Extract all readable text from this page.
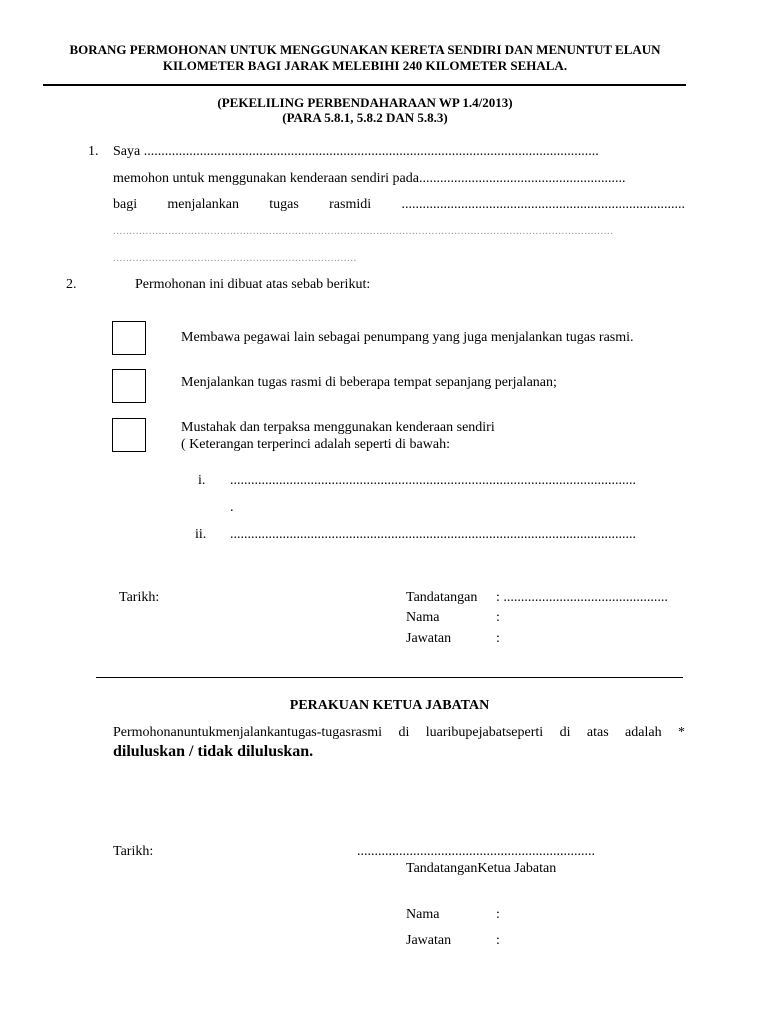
BORANG PERMOHONAN UNTUK MENGGUNAKAN KERETA SENDIRI DAN MENUNTUT ELAUN
KILOMETER BAGI JARAK MELEBIHI 240 KILOMETER SEHALA.
(PEKELILING PERBENDAHARAAN WP 1.4/2013)
(PARA 5.8.1, 5.8.2 DAN 5.8.3)
1. Saya ..................................................................................................................................
memohon untuk menggunakan kenderaan sendiri pada...........................................................
bagi menjalankan tugas rasmidi .................................................................................
..........................................................................................................................................................
...........................................................................
2.	Permohonan ini dibuat atas sebab berikut:
Membawa pegawai lain sebagai penumpang yang juga menjalankan tugas rasmi.
Menjalankan tugas rasmi di beberapa tempat sepanjang perjalanan;
Mustahak dan terpaksa menggunakan kenderaan sendiri
( Keterangan terperinci adalah seperti di bawah:
i. ....................................................................................................................
.
ii. ....................................................................................................................
Tarikh:	Tandatangan : ...............................................
Nama	:
Jawatan	:
PERAKUAN KETUA JABATAN
Permohonanuntukmenjalankantugas-tugasrasmi di luaribupejabatseperti di atas adalah *
diluluskan / tidak diluluskan.
Tarikh:	....................................................................
TandatanganKetua Jabatan
Nama	:
Jawatan	:
